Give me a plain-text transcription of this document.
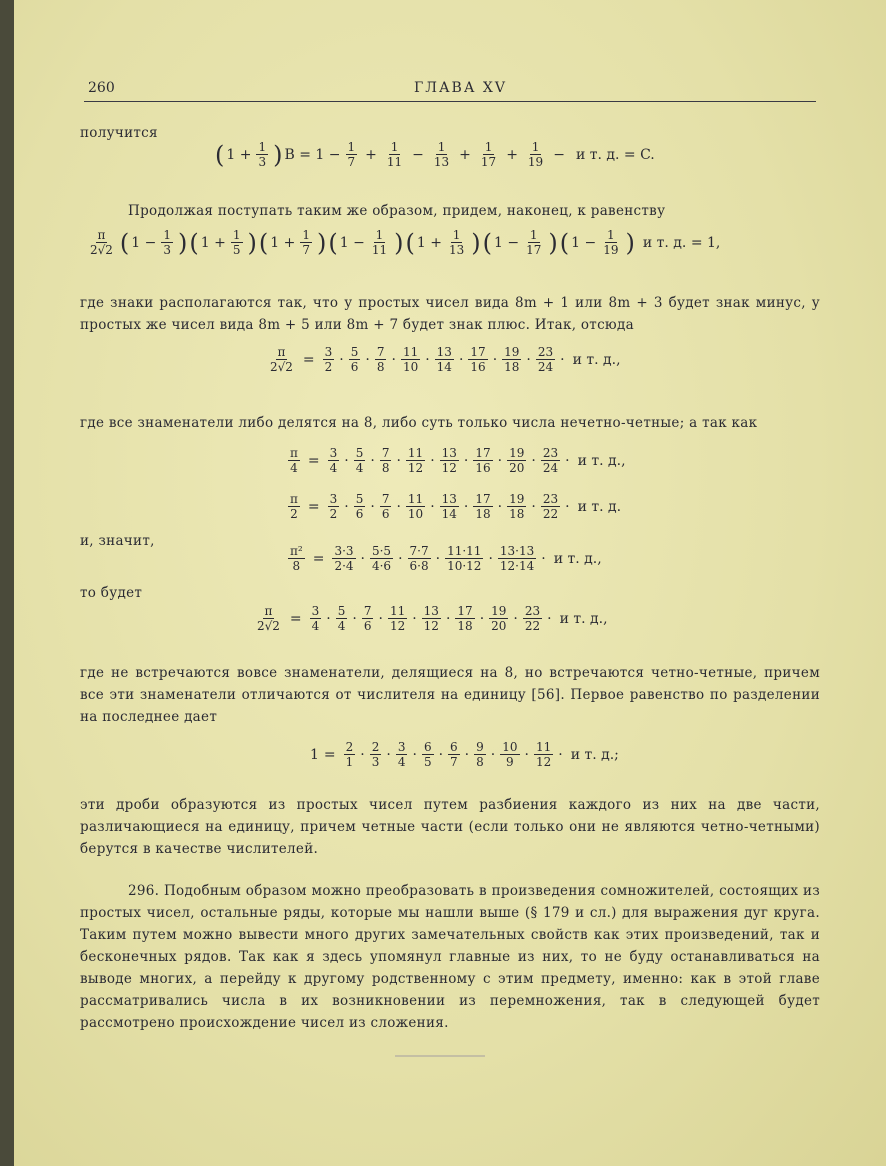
260	ГЛАВА XV
получится
( $1 + \frac{1}{3}$ ) $B = 1 - \frac{1}{7} + \frac{1}{11} - \frac{1}{13} + \frac{1}{17} + \frac{1}{19} - и$ т. д. = C.
Продолжая поступать таким же образом, придем, наконец, к равенству
$\frac{\pi}{2√2}$ ( $1 - \frac{1}{3}$ ) ( $1 + \frac{1}{5}$ ) ( $1 + \frac{1}{7}$ ) ( $1 - \frac{1}{11}$ ) ( $1 + \frac{1}{13}$ ) ( $1 - \frac{1}{17}$ ) ( $1 - \frac{1}{19}$ ) и т. д. = 1,
где знаки располагаются так, что у простых чисел вида 8m + 1 или 8m + 3 будет знак минус, у простых же чисел вида 8m + 5 или 8m + 7 будет знак плюс. Итак, отсюда
$\frac{\pi}{2√2} = \frac{3}{2} \cdot \frac{5}{6} \cdot \frac{7}{8} \cdot \frac{11}{10} \cdot \frac{13}{14} \cdot \frac{17}{16} \cdot \frac{19}{18} \cdot \frac{23}{24} \cdot и$ т. д.,
где все знаменатели либо делятся на 8, либо суть только числа нечетно-четные; а так как
$\frac{\pi}{4} = \frac{3}{4} \cdot \frac{5}{4} \cdot \frac{7}{8} \cdot \frac{11}{12} \cdot \frac{13}{12} \cdot \frac{17}{16} \cdot \frac{19}{20} \cdot \frac{23}{24} \cdot и$ т. д.,
$\frac{\pi}{2} = \frac{3}{2} \cdot \frac{5}{6} \cdot \frac{7}{6} \cdot \frac{11}{10} \cdot \frac{13}{14} \cdot \frac{17}{18} \cdot \frac{19}{18} \cdot \frac{23}{22} \cdot и$ т. д.
и, значит,
$\frac{\text{π²}}{8} = \frac{3\cdot 3}{2\cdot 4} \cdot \frac{5\cdot 5}{4\cdot 6} \cdot \frac{7\cdot 7}{6\cdot 8} \cdot \frac{11\cdot 11}{10\cdot 12} \cdot \frac{13\cdot 13}{12\cdot 14} \cdot и$ т. д.,
то будет
$\frac{\pi}{2√2} = \frac{3}{4} \cdot \frac{5}{4} \cdot \frac{7}{6} \cdot \frac{11}{12} \cdot \frac{13}{12} \cdot \frac{17}{18} \cdot \frac{19}{20} \cdot \frac{23}{22} \cdot и$ т. д.,
где не встречаются вовсе знаменатели, делящиеся на 8, но встречаются четно-четные, причем все эти знаменатели отличаются от числителя на единицу [56]. Первое равенство по разделении на последнее дает
$1 = \frac{2}{1} \cdot \frac{2}{3} \cdot \frac{3}{4} \cdot \frac{6}{5} \cdot \frac{6}{7} \cdot \frac{9}{8} \cdot \frac{10}{9} \cdot \frac{11}{12} \cdot и$ т. д.;
эти дроби образуются из простых чисел путем разбиения каждого из них на две части, различающиеся на единицу, причем четные части (если только они не являются четно-четными) берутся в качестве числителей.
296. Подобным образом можно преобразовать в произведения сомножителей, состоящих из простых чисел, остальные ряды, которые мы нашли выше (§ 179 и сл.) для выражения дуг круга. Таким путем можно вывести много других замечательных свойств как этих произведений, так и бесконечных рядов. Так как я здесь упомянул главные из них, то не буду останавливаться на выводе многих, а перейду к другому родственному с этим предмету, именно: как в этой главе рассматривались числа в их возникновении из перемножения, так в следующей будет рассмотрено происхождение чисел из сложения.
